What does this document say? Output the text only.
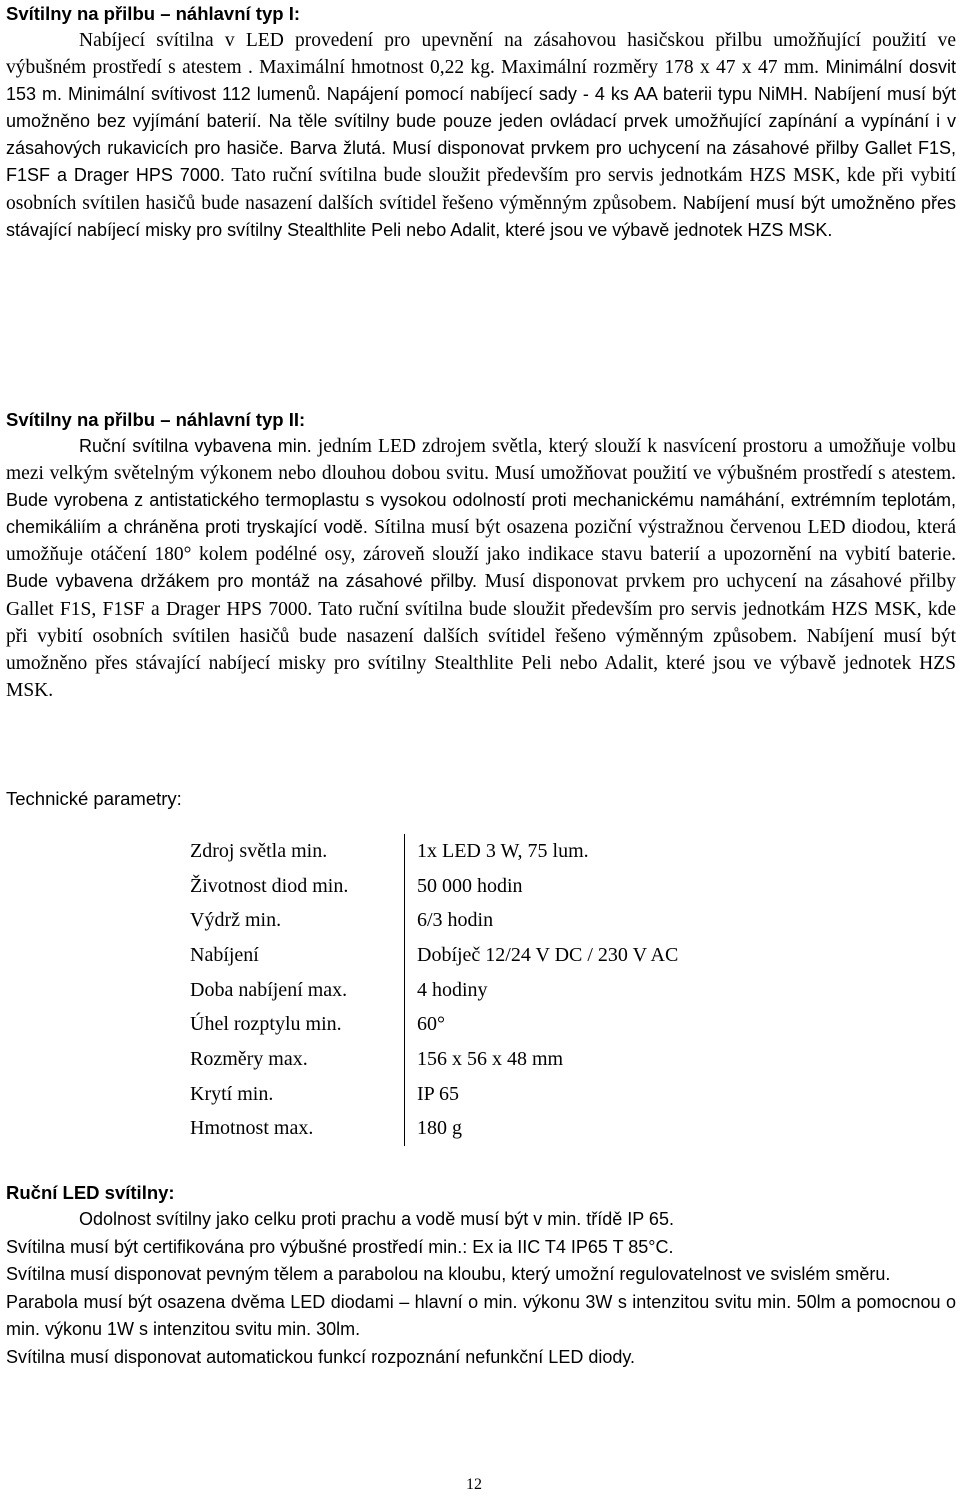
Svítilny na přilbu – náhlavní typ I:

Nabíjecí svítilna v LED provedení pro upevnění na zásahovou hasičskou přilbu umožňující použití ve výbušném prostředí s atestem . Maximální hmotnost 0,22 kg. Maximální rozměry 178 x 47 x 47 mm. Minimální dosvit 153 m. Minimální svítivost 112 lumenů. Napájení pomocí nabíjecí sady - 4 ks AA baterii typu NiMH. Nabíjení musí být umožněno bez vyjímání baterií. Na těle svítilny bude pouze jeden ovládací prvek umožňující zapínání a vypínání i v zásahových rukavicích pro hasiče. Barva žlutá. Musí disponovat prvkem pro uchycení na zásahové přilby Gallet F1S, F1SF a Drager HPS 7000. Tato ruční svítilna bude sloužit především pro servis jednotkám HZS MSK, kde při vybití osobních svítilen hasičů bude nasazení dalších svítidel řešeno výměnným způsobem. Nabíjení musí být umožněno přes stávající nabíjecí misky pro svítilny Stealthlite Peli nebo Adalit, které jsou ve výbavě jednotek HZS MSK.

Svítilny na přilbu – náhlavní typ II:

Ruční svítilna vybavena min. jedním LED zdrojem světla, který slouží k nasvícení prostoru a umožňuje volbu mezi velkým světelným výkonem nebo dlouhou dobou svitu. Musí umožňovat použití ve výbušném prostředí s atestem. Bude vyrobena z antistatického termoplastu s vysokou odolností proti mechanickému namáhání, extrémním teplotám, chemikáliím a chráněna proti tryskající vodě. Sítilna musí být osazena poziční výstražnou červenou LED diodou, která umožňuje otáčení 180° kolem podélné osy, zároveň slouží jako indikace stavu baterií a upozornění na vybití baterie. Bude vybavena držákem pro montáž na zásahové přilby. Musí disponovat prvkem pro uchycení na zásahové přilby Gallet F1S, F1SF a Drager HPS 7000. Tato ruční svítilna bude sloužit především pro servis jednotkám HZS MSK, kde při vybití osobních svítilen hasičů bude nasazení dalších svítidel řešeno výměnným způsobem. Nabíjení musí být umožněno přes stávající nabíjecí misky pro svítilny Stealthlite Peli nebo Adalit, které jsou ve výbavě jednotek HZS MSK.

Technické parametry:
Zdroj světla min.	1x LED 3 W, 75 lum.
Životnost diod min.	50 000 hodin
Výdrž min.	6/3 hodin
Nabíjení	Dobíječ 12/24 V DC / 230 V AC
Doba nabíjení max.	4 hodiny
Úhel rozptylu min.	60°
Rozměry max.	156 x 56 x 48 mm
Krytí min.	IP 65
Hmotnost max.	180 g

Ruční LED svítilny:

Odolnost svítilny jako celku proti prachu a vodě musí být v min. třídě IP 65.

Svítilna musí být certifikována pro výbušné prostředí min.: Ex ia IIC T4 IP65 T 85°C.

Svítilna musí disponovat pevným tělem a parabolou na kloubu, který umožní regulovatelnost ve svislém směru.

Parabola musí být osazena dvěma LED diodami – hlavní o min. výkonu 3W s intenzitou svitu min. 50lm a pomocnou o min. výkonu 1W s intenzitou svitu min. 30lm.

Svítilna musí disponovat automatickou funkcí rozpoznání nefunkční LED diody.

12
